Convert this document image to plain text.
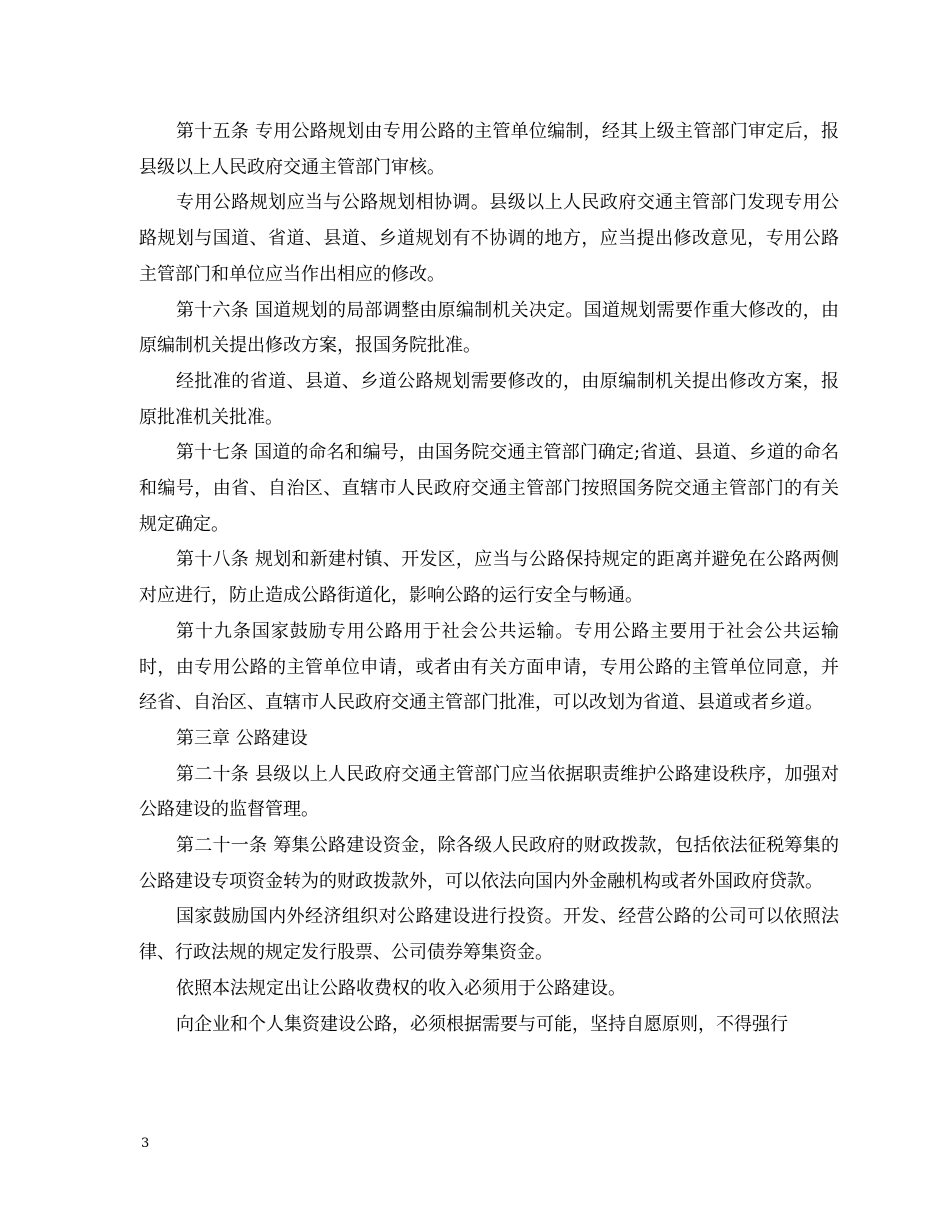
第十五条 专用公路规划由专用公路的主管单位编制，经其上级主管部门审定后，报县级以上人民政府交通主管部门审核。

专用公路规划应当与公路规划相协调。县级以上人民政府交通主管部门发现专用公路规划与国道、省道、县道、乡道规划有不协调的地方，应当提出修改意见，专用公路主管部门和单位应当作出相应的修改。

第十六条 国道规划的局部调整由原编制机关决定。国道规划需要作重大修改的，由原编制机关提出修改方案，报国务院批准。

经批准的省道、县道、乡道公路规划需要修改的，由原编制机关提出修改方案，报原批准机关批准。

第十七条 国道的命名和编号，由国务院交通主管部门确定;省道、县道、乡道的命名和编号，由省、自治区、直辖市人民政府交通主管部门按照国务院交通主管部门的有关规定确定。

第十八条 规划和新建村镇、开发区，应当与公路保持规定的距离并避免在公路两侧对应进行，防止造成公路街道化，影响公路的运行安全与畅通。

第十九条国家鼓励专用公路用于社会公共运输。专用公路主要用于社会公共运输时，由专用公路的主管单位申请，或者由有关方面申请，专用公路的主管单位同意，并经省、自治区、直辖市人民政府交通主管部门批准，可以改划为省道、县道或者乡道。

第三章 公路建设

第二十条 县级以上人民政府交通主管部门应当依据职责维护公路建设秩序，加强对公路建设的监督管理。

第二十一条 筹集公路建设资金，除各级人民政府的财政拨款，包括依法征税筹集的公路建设专项资金转为的财政拨款外，可以依法向国内外金融机构或者外国政府贷款。

国家鼓励国内外经济组织对公路建设进行投资。开发、经营公路的公司可以依照法律、行政法规的规定发行股票、公司债券筹集资金。

依照本法规定出让公路收费权的收入必须用于公路建设。

向企业和个人集资建设公路，必须根据需要与可能，坚持自愿原则，不得强行

3
